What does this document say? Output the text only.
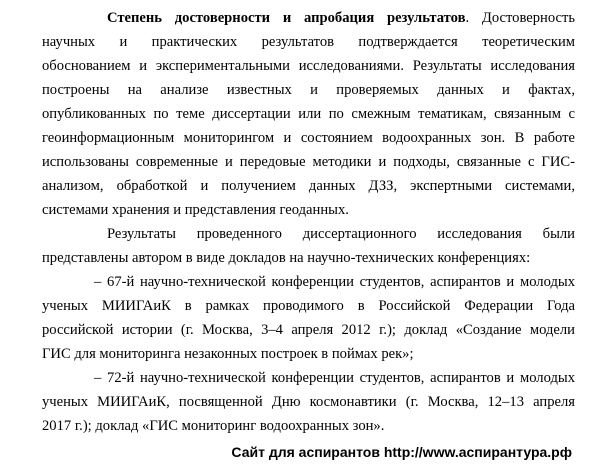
Степень достоверности и апробация результатов. Достоверность
научных и практических результатов подтверждается теоретическим
обоснованием и экспериментальными исследованиями. Результаты исследования
построены на анализе известных и проверяемых данных и фактах,
опубликованных по теме диссертации или по смежным тематикам, связанным с
геоинформационным мониторингом и состоянием водоохранных зон. В работе
использованы современные и передовые методики и подходы, связанные с ГИС-
анализом, обработкой и получением данных ДЗЗ, экспертными системами,
системами хранения и представления геоданных.
Результаты проведенного диссертационного исследования были
представлены автором в виде докладов на научно-технических конференциях:
– 67-й научно-технической конференции студентов, аспирантов и молодых
ученых МИИГАиК в рамках проводимого в Российской Федерации Года
российской истории (г. Москва, 3–4 апреля 2012 г.); доклад «Создание модели
ГИС для мониторинга незаконных построек в поймах рек»;
– 72-й научно-технической конференции студентов, аспирантов и молодых
ученых МИИГАиК, посвященной Дню космонавтики (г. Москва, 12–13 апреля
2017 г.); доклад «ГИС мониторинг водоохранных зон».
Сайт для аспирантов http://www.аспирантура.рф
